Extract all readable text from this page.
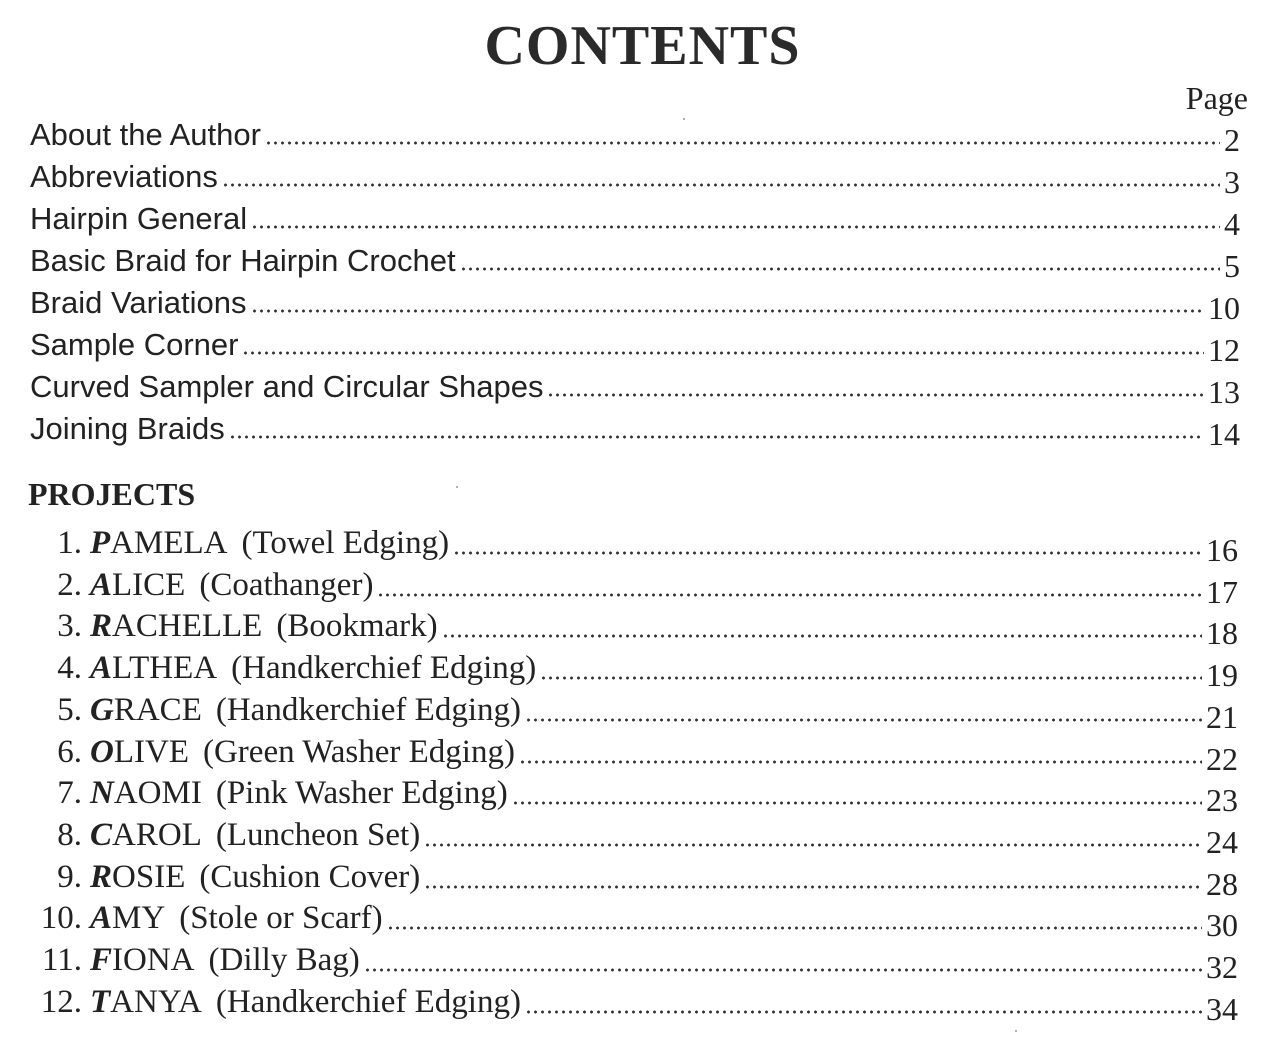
CONTENTS
Page
About the Author	2
Abbreviations	3
Hairpin General	4
Basic Braid for Hairpin Crochet	5
Braid Variations	10
Sample Corner	12
Curved Sampler and Circular Shapes	13
Joining Braids	14
PROJECTS
1. PAMELA (Towel Edging)	16
2. ALICE (Coathanger)	17
3. RACHELLE (Bookmark)	18
4. ALTHEA (Handkerchief Edging)	19
5. GRACE (Handkerchief Edging)	21
6. OLIVE (Green Washer Edging)	22
7. NAOMI (Pink Washer Edging)	23
8. CAROL (Luncheon Set)	24
9. ROSIE (Cushion Cover)	28
10. AMY (Stole or Scarf)	30
11. FIONA (Dilly Bag)	32
12. TANYA (Handkerchief Edging)	34
